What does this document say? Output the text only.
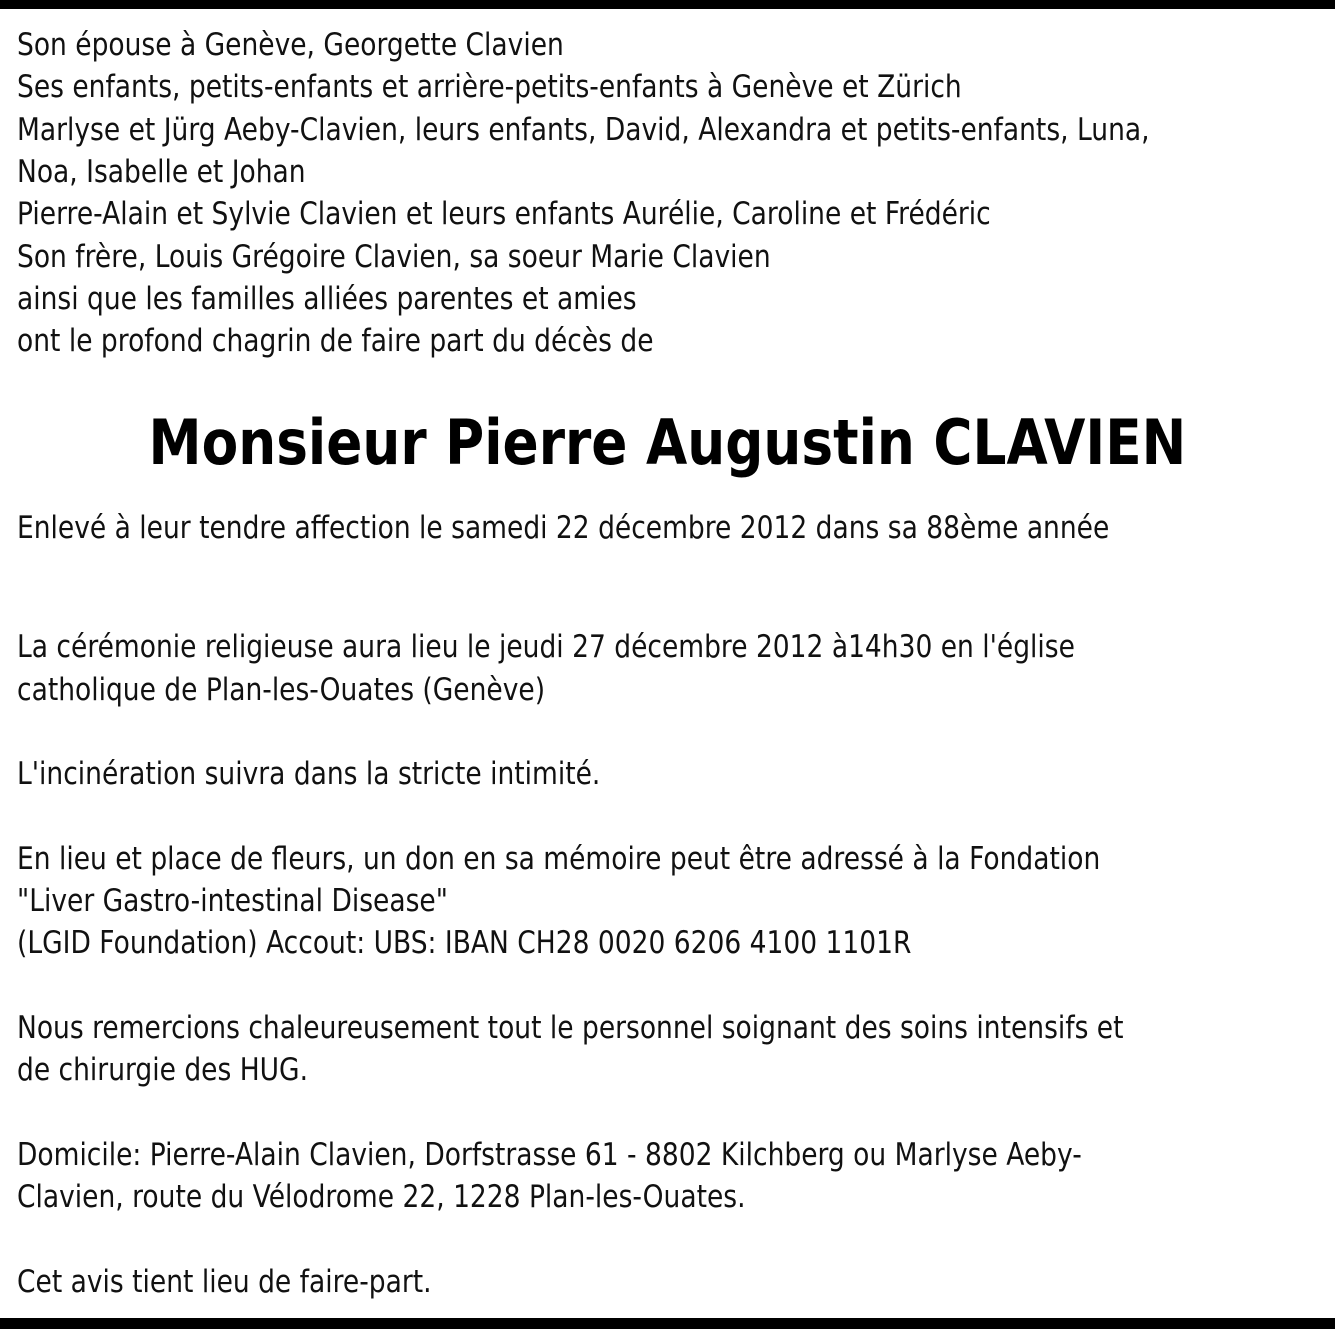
Son épouse à Genève, Georgette Clavien

Ses enfants, petits-enfants et arrière-petits-enfants à Genève et Zürich

Marlyse et Jürg Aeby-Clavien, leurs enfants, David, Alexandra et petits-enfants, Luna,

Noa, Isabelle et Johan

Pierre-Alain et Sylvie Clavien et leurs enfants Aurélie, Caroline et Frédéric

Son frère, Louis Grégoire Clavien, sa soeur Marie Clavien

ainsi que les familles alliées parentes et amies

ont le profond chagrin de faire part du décès de

Monsieur Pierre Augustin CLAVIEN

Enlevé à leur tendre affection le samedi 22 décembre 2012 dans sa 88ème année

La cérémonie religieuse aura lieu le jeudi 27 décembre 2012 à14h30 en l'église

catholique de Plan-les-Ouates (Genève)

L'incinération suivra dans la stricte intimité.

En lieu et place de fleurs, un don en sa mémoire peut être adressé à la Fondation

"Liver Gastro-intestinal Disease"

(LGID Foundation) Accout: UBS: IBAN CH28 0020 6206 4100 1101R

Nous remercions chaleureusement tout le personnel soignant des soins intensifs et

de chirurgie des HUG.

Domicile: Pierre-Alain Clavien, Dorfstrasse 61 - 8802 Kilchberg ou Marlyse Aeby-

Clavien, route du Vélodrome 22, 1228 Plan-les-Ouates.

Cet avis tient lieu de faire-part.
